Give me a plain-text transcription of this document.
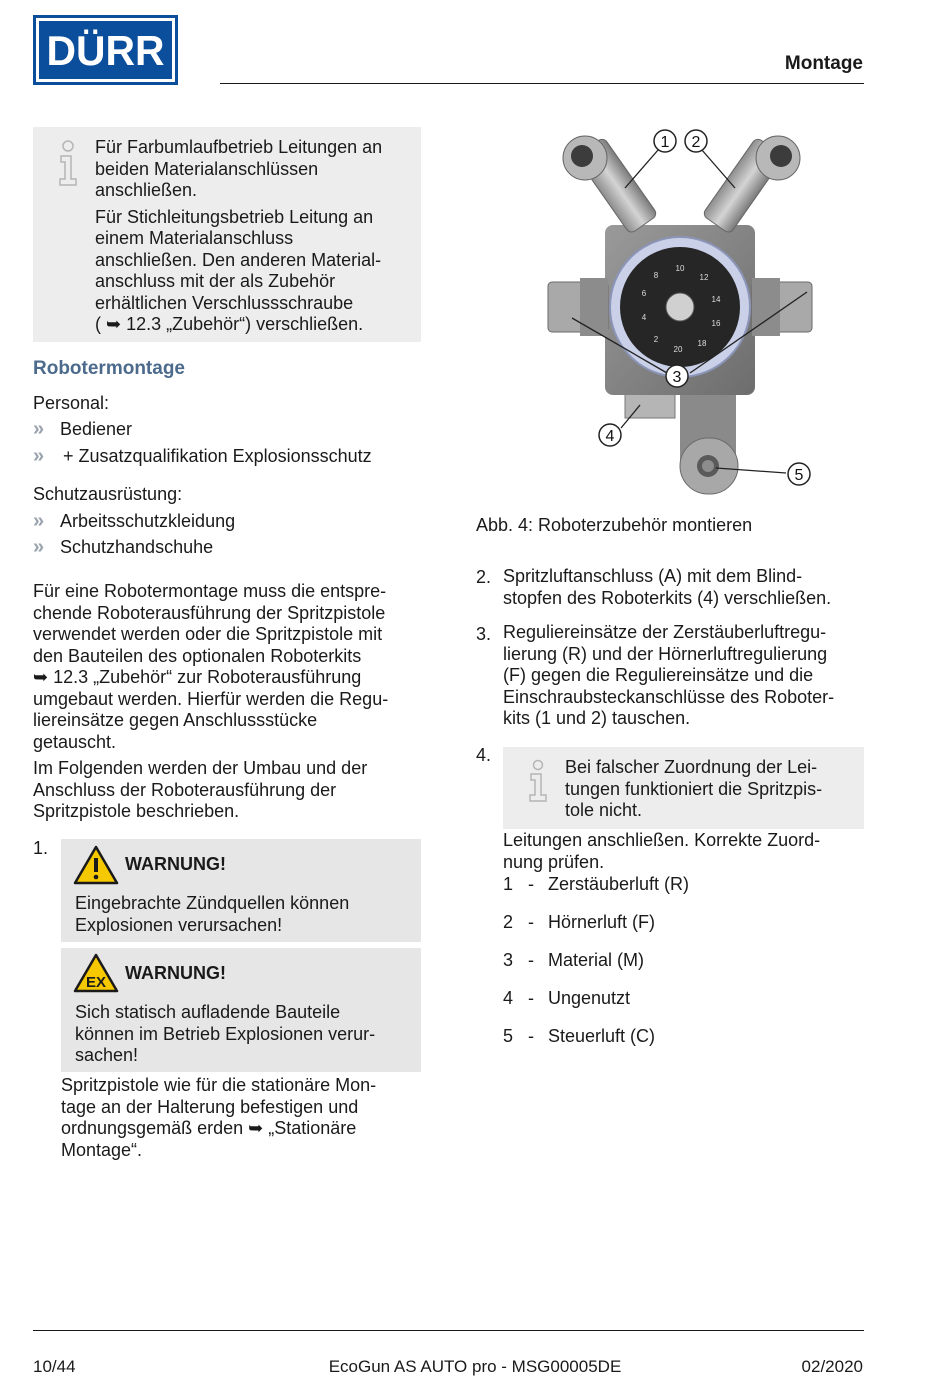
DÜRR	Montage

Für Farbumlaufbetrieb Leitungen an

beiden Materialanschlüssen

anschließen.

Für Stichleitungsbetrieb Leitung an

einem Materialanschluss

anschließen. Den anderen Material-

anschluss mit der als Zubehör

erhältlichen Verschlussschraube

( ➥ 12.3 „Zubehör“) verschließen.

Robotermontage
Personal:
» Bediener
» + Zusatzqualifikation Explosionsschutz
Schutzausrüstung:
» Arbeitsschutzkleidung
» Schutzhandschuhe
Für eine Robotermontage muss die entspre-
chende Roboterausführung der Spritzpistole
verwendet werden oder die Spritzpistole mit
den Bauteilen des optionalen Roboterkits
➥ 12.3 „Zubehör“ zur Roboterausführung
umgebaut werden. Hierfür werden die Regu-
liereinsätze gegen Anschlussstücke
getauscht.
Im Folgenden werden der Umbau und der
Anschluss der Roboterausführung der
Spritzpistole beschrieben.
1.
WARNUNG!
Eingebrachte Zündquellen können
Explosionen verursachen!
EX WARNUNG!
Sich statisch aufladende Bauteile
können im Betrieb Explosionen verur-
sachen!
Spritzpistole wie für die stationäre Mon-
tage an der Halterung befestigen und
ordnungsgemäß erden ➥ „Stationäre
Montage“.
10
12
14
16
18
20
2
4
6
8
1 2
3
4
5
Abb. 4: Roboterzubehör montieren
2. Spritzluftanschluss (A) mit dem Blind-
stopfen des Roboterkits (4) verschließen.
3. Reguliereinsätze der Zerstäuberluftregu-
lierung (R) und der Hörnerluftregulierung
(F) gegen die Reguliereinsätze und die
Einschraubsteckanschlüsse des Roboter-
kits (1 und 2) tauschen.
4.
Bei falscher Zuordnung der Lei-
tungen funktioniert die Spritzpis-
tole nicht.
Leitungen anschließen. Korrekte Zuord-
nung prüfen.
1 - Zerstäuberluft (R)
2 - Hörnerluft (F)
3 - Material (M)
4 - Ungenutzt
5 - Steuerluft (C)
EcoGun AS AUTO pro - MSG00005DE
10/44	02/2020
